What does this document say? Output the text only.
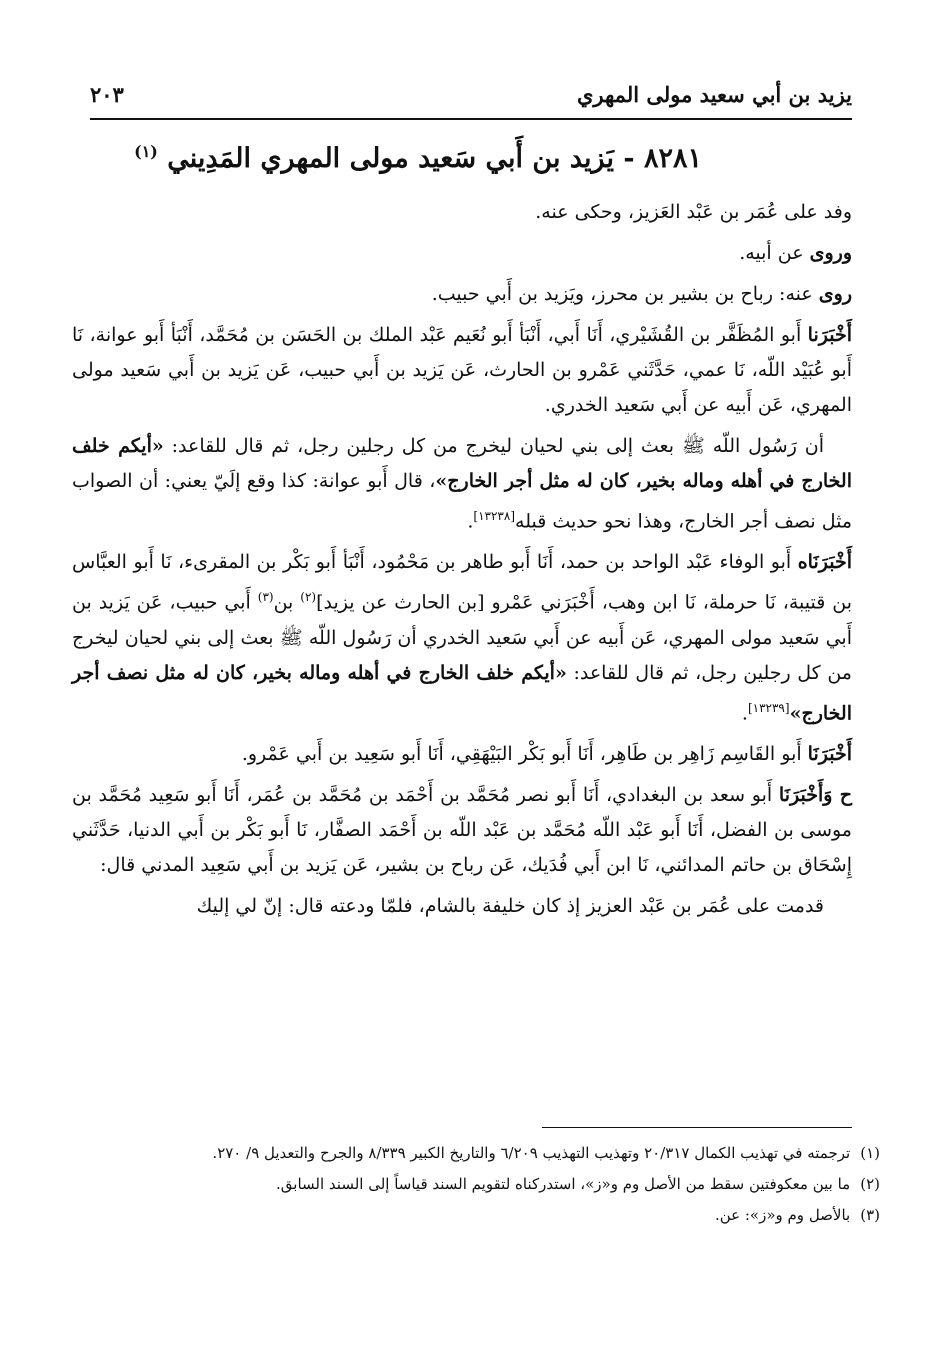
يزيد بن أبي سعيد مولى المهري
٢٠٣
٨٢٨١ - يَزيد بن أَبي سَعيد مولى المهري المَدِيني $^{(١)}$

وفد على عُمَر بن عَبْد العَزيز، وحكى عنه.

وروى عن أبيه.

روى عنه: رباح بن بشير بن محرز، ويَزيد بن أَبي حبيب.

أَخْبَرَنا أَبو المُظَفَّر بن القُشَيْري، أَنَا أَبي، أَنْبَأ أَبو نُعَيم عَبْد الملك بن الحَسَن بن مُحَمَّد، أَنْبَأ أَبو عوانة، نَا أَبو عُبَيْد اللّه، نَا عمي، حَدَّثَني عَمْرو بن الحارث، عَن يَزيد بن أَبي حبيب، عَن يَزيد بن أَبي سَعيد مولى المهري، عَن أَبيه عن أَبي سَعيد الخدري.

أن رَسُول اللّه ﷺ بعث إلى بني لحيان ليخرج من كل رجلين رجل، ثم قال للقاعد: «أيكم خلف الخارج في أهله وماله بخير، كان له مثل أجر الخارج»، قال أَبو عوانة: كذا وقع إلَيّ يعني: أن الصواب مثل نصف أجر الخارج، وهذا نحو حديث قبله[١٣٢٣٨].

أَخْبَرَنَاه أَبو الوفاء عَبْد الواحد بن حمد، أَنَا أَبو طاهر بن مَحْمُود، أَنْبَأ أَبو بَكْر بن المقرىء، نَا أَبو العبَّاس بن قتيبة، نَا حرملة، نَا ابن وهب، أَخْبَرَني عَمْرو [بن الحارث عن يزيد]$^{(٢)}$ بن$^{(٣)}$ أَبي حبيب، عَن يَزيد بن أَبي سَعيد مولى المهري، عَن أَبيه عن أَبي سَعيد الخدري أن رَسُول اللّه ﷺ بعث إلى بني لحيان ليخرج من كل رجلين رجل، ثم قال للقاعد: «أيكم خلف الخارج في أهله وماله بخير، كان له مثل نصف أجر الخارج»[١٣٢٣٩].

أَخْبَرَنَا أَبو القَاسِم زَاهِر بن طَاهِر، أَنَا أَبو بَكْر البَيْهَقِي، أَنَا أَبو سَعِيد بن أَبي عَمْرو.

ح وَأَخْبَرَنَا أَبو سعد بن البغدادي، أَنَا أَبو نصر مُحَمَّد بن أَحْمَد بن مُحَمَّد بن عُمَر، أَنَا أَبو سَعِيد مُحَمَّد بن موسى بن الفضل، أَنَا أَبو عَبْد اللّه مُحَمَّد بن عَبْد اللّه بن أَحْمَد الصفَّار، نَا أَبو بَكْر بن أَبي الدنيا، حَدَّثَني إِسْحَاق بن حاتم المدائني، نَا ابن أَبي فُدَيك، عَن رباح بن بشير، عَن يَزيد بن أَبي سَعِيد المدني قال:

قدمت على عُمَر بن عَبْد العزيز إذ كان خليفة بالشام، فلمّا ودعته قال: إنّ لي إليك

(١)ترجمته في تهذيب الكمال ٢٠/٣١٧ وتهذيب التهذيب ٦/٢٠٩ والتاريخ الكبير ٨/٣٣٩ والجرح والتعديل ٩/ ٢٧٠.

(٢)ما بين معكوفتين سقط من الأصل وم و«ز»، استدركناه لتقويم السند قياساً إلى السند السابق.

(٣)بالأصل وم و«ز»: عن.
